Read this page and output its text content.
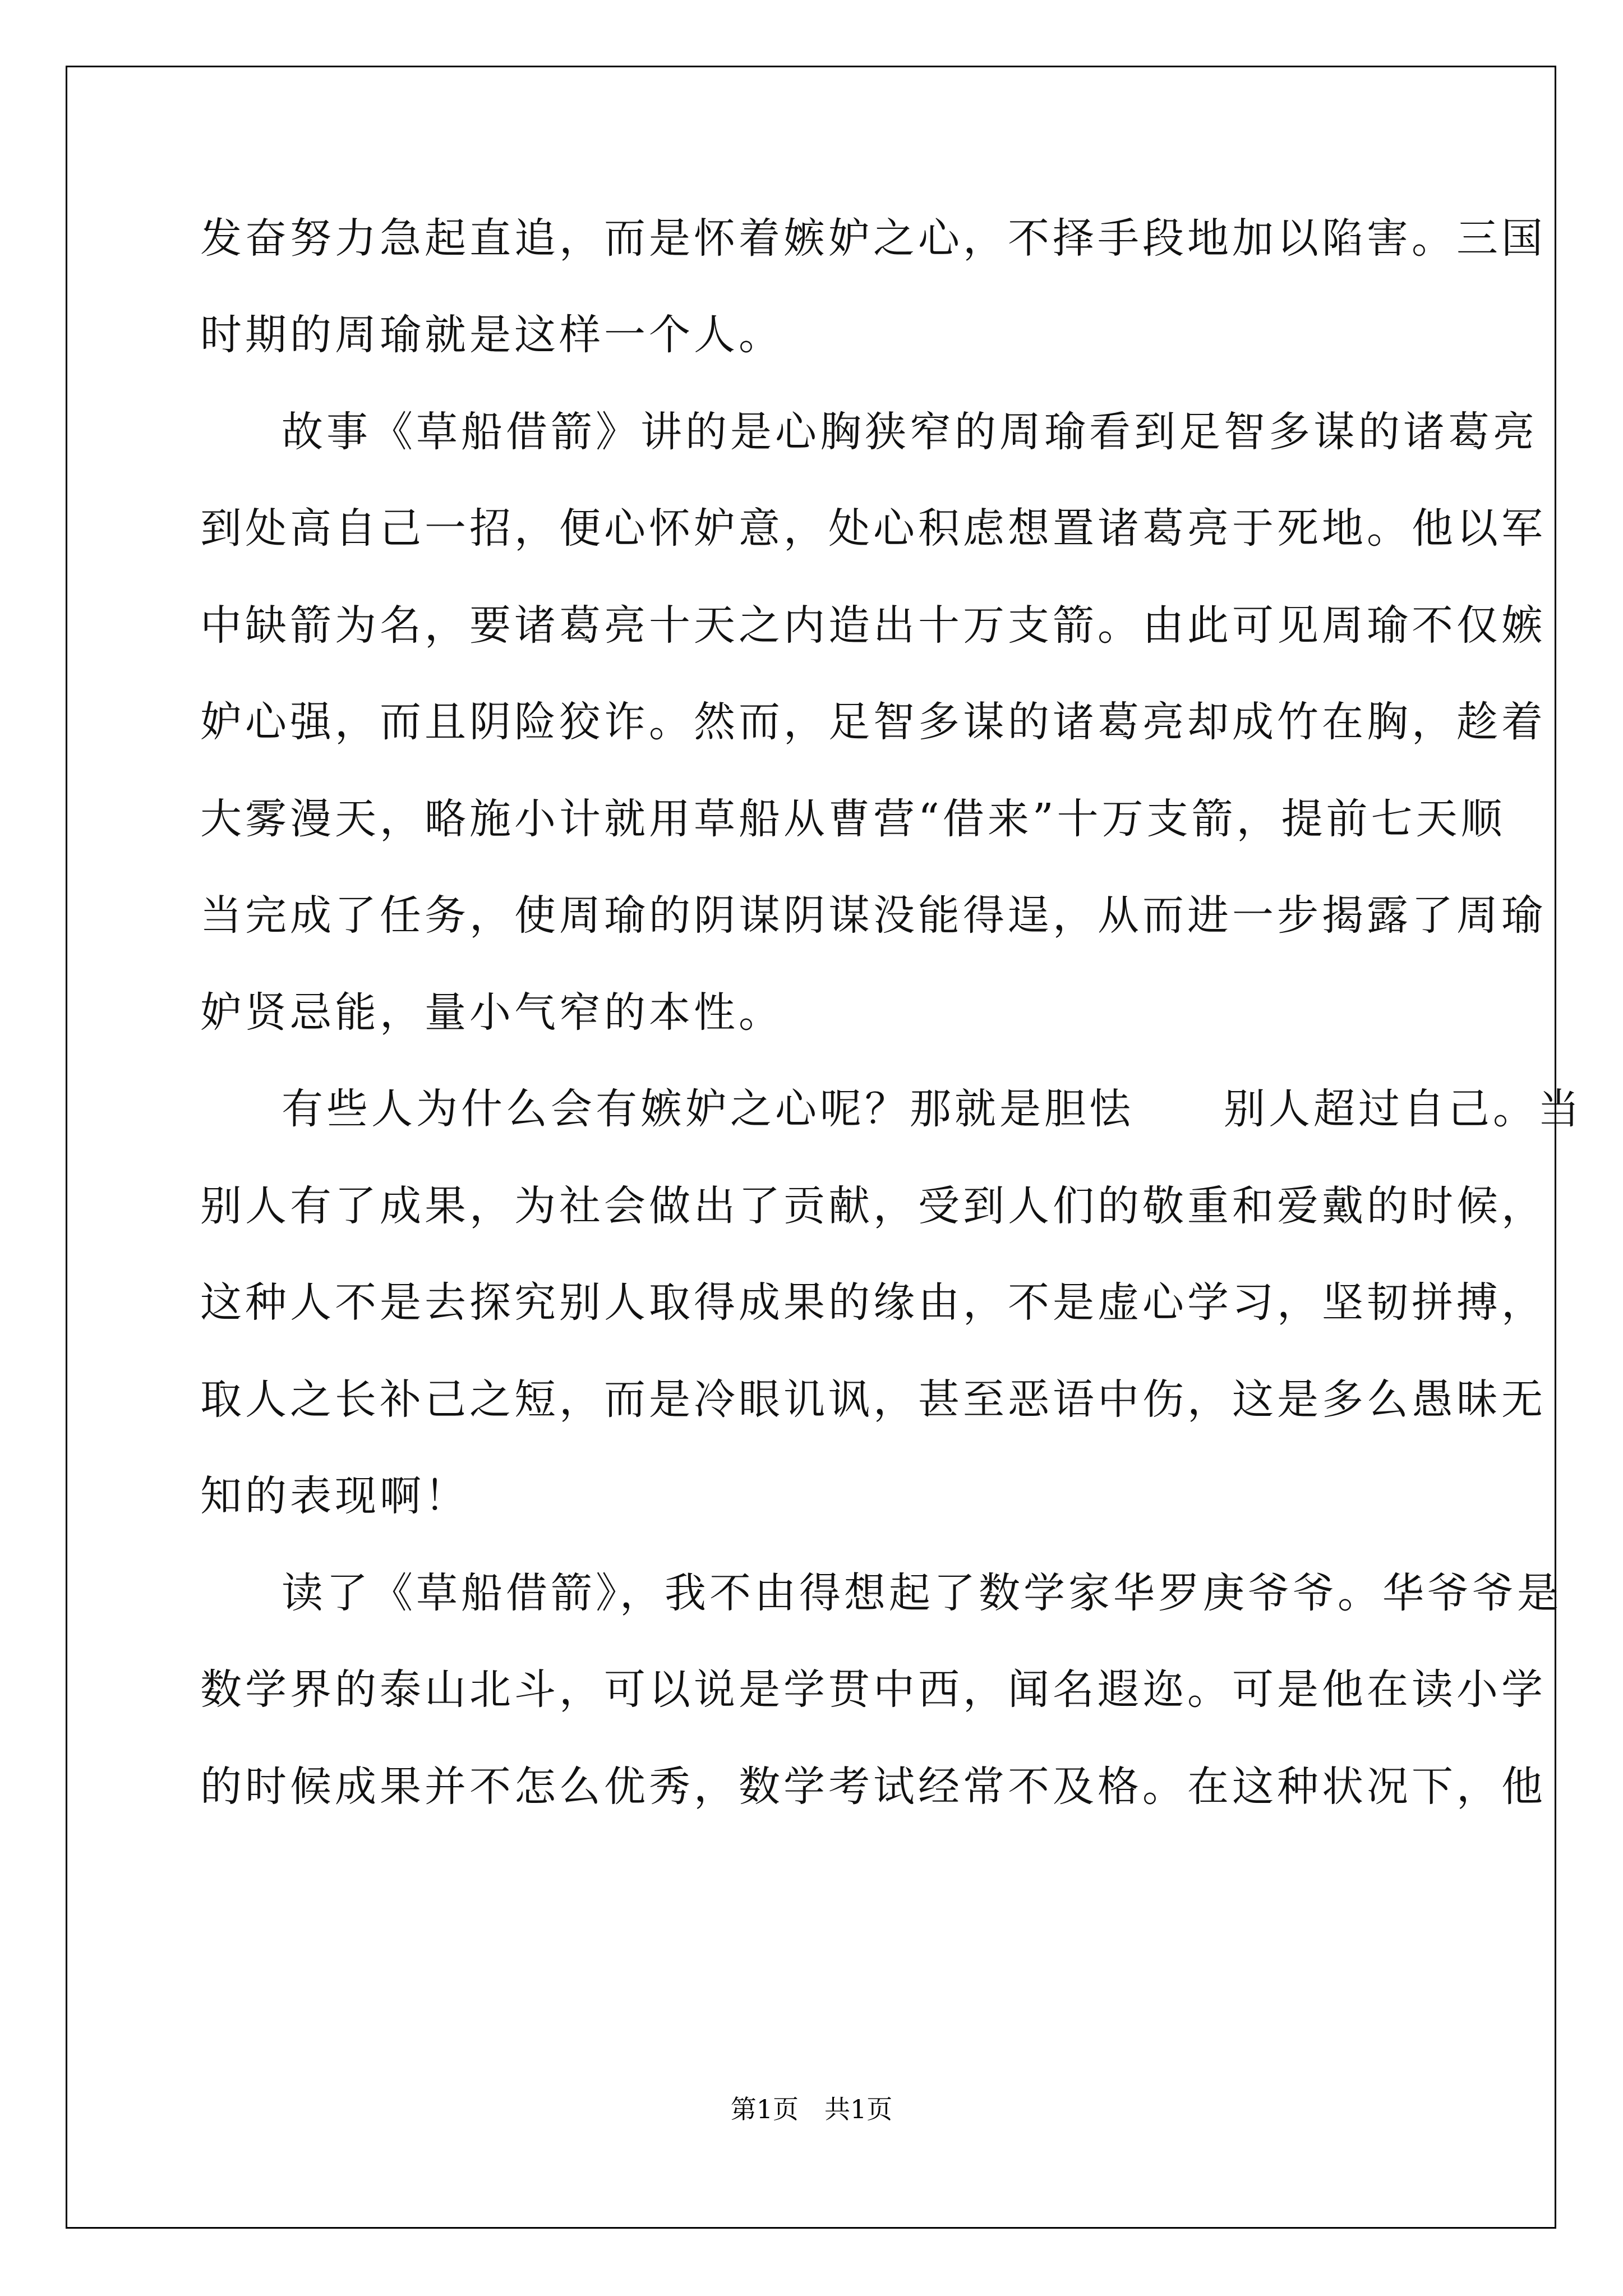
发奋努力急起直追，而是怀着嫉妒之心，不择手段地加以陷害。三国
时期的周瑜就是这样一个人。
故事《草船借箭》讲的是心胸狭窄的周瑜看到足智多谋的诸葛亮
到处高自己一招，便心怀妒意，处心积虑想置诸葛亮于死地。他以军
中缺箭为名，要诸葛亮十天之内造出十万支箭。由此可见周瑜不仅嫉
妒心强，而且阴险狡诈。然而，足智多谋的诸葛亮却成竹在胸，趁着
大雾漫天，略施小计就用草船从曹营“借来”十万支箭，提前七天顺
当完成了任务，使周瑜的阴谋阴谋没能得逞，从而进一步揭露了周瑜
妒贤忌能，量小气窄的本性。
有些人为什么会有嫉妒之心呢？那就是胆怯　　别人超过自己。当
别人有了成果，为社会做出了贡献，受到人们的敬重和爱戴的时候，
这种人不是去探究别人取得成果的缘由，不是虚心学习，坚韧拼搏，
取人之长补己之短，而是冷眼讥讽，甚至恶语中伤，这是多么愚昧无
知的表现啊！
读了《草船借箭》，我不由得想起了数学家华罗庚爷爷。华爷爷是
数学界的泰山北斗，可以说是学贯中西，闻名遐迩。可是他在读小学
的时候成果并不怎么优秀，数学考试经常不及格。在这种状况下，他
第1页 共1页
